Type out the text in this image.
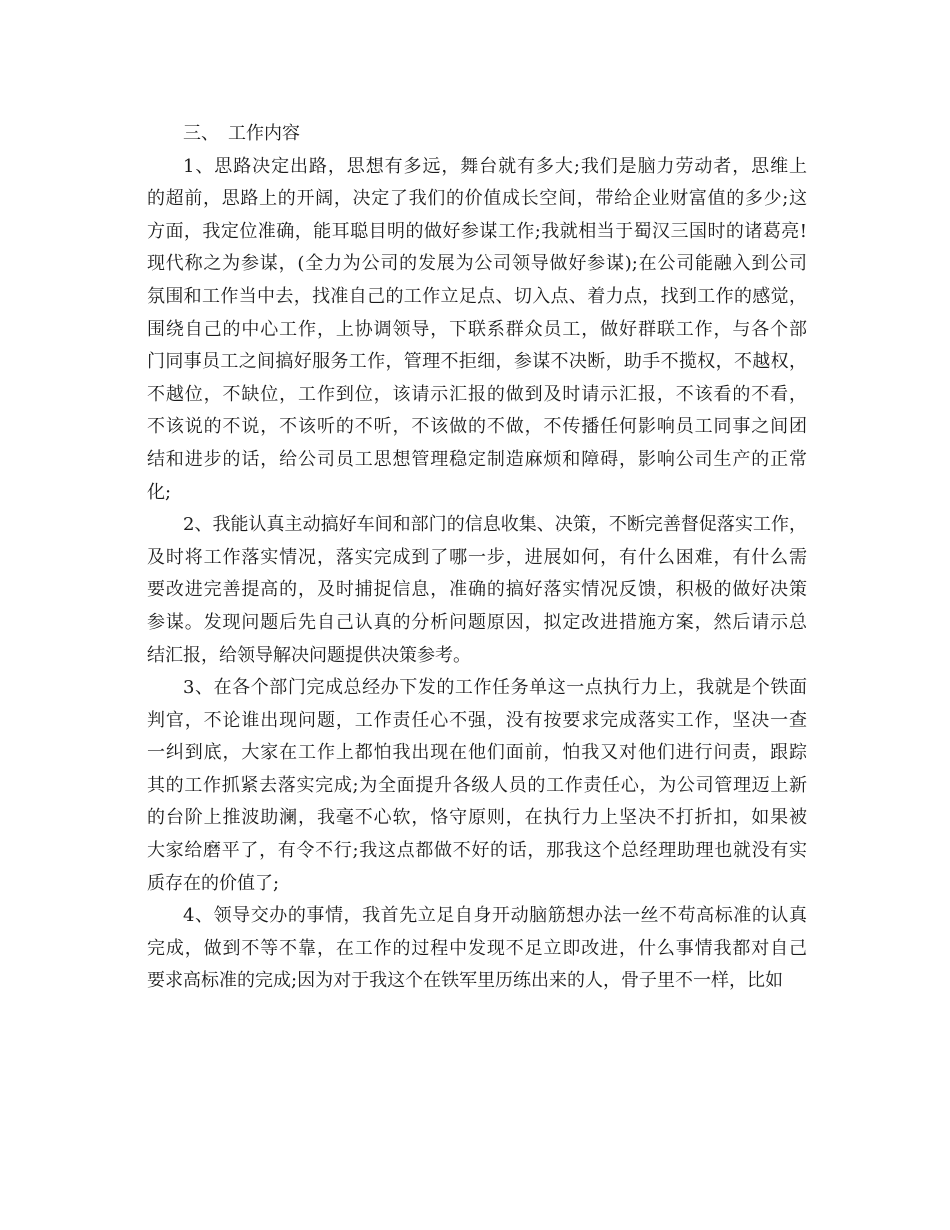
三、 工作内容
1、思路决定出路，思想有多远，舞台就有多大;我们是脑力劳动者，思维上
的超前，思路上的开阔，决定了我们的价值成长空间，带给企业财富值的多少;这
方面，我定位准确，能耳聪目明的做好参谋工作;我就相当于蜀汉三国时的诸葛亮!
现代称之为参谋，(全力为公司的发展为公司领导做好参谋);在公司能融入到公司
氛围和工作当中去，找准自己的工作立足点、切入点、着力点，找到工作的感觉，
围绕自己的中心工作，上协调领导，下联系群众员工，做好群联工作，与各个部
门同事员工之间搞好服务工作，管理不拒细，参谋不决断，助手不揽权，不越权，
不越位，不缺位，工作到位，该请示汇报的做到及时请示汇报，不该看的不看，
不该说的不说，不该听的不听，不该做的不做，不传播任何影响员工同事之间团
结和进步的话，给公司员工思想管理稳定制造麻烦和障碍，影响公司生产的正常
化;
2、我能认真主动搞好车间和部门的信息收集、决策，不断完善督促落实工作，
及时将工作落实情况，落实完成到了哪一步，进展如何，有什么困难，有什么需
要改进完善提高的，及时捕捉信息，准确的搞好落实情况反馈，积极的做好决策
参谋。发现问题后先自己认真的分析问题原因，拟定改进措施方案，然后请示总
结汇报，给领导解决问题提供决策参考。
3、在各个部门完成总经办下发的工作任务单这一点执行力上，我就是个铁面
判官，不论谁出现问题，工作责任心不强，没有按要求完成落实工作，坚决一查
一纠到底，大家在工作上都怕我出现在他们面前，怕我又对他们进行问责，跟踪
其的工作抓紧去落实完成;为全面提升各级人员的工作责任心，为公司管理迈上新
的台阶上推波助澜，我毫不心软，恪守原则，在执行力上坚决不打折扣，如果被
大家给磨平了，有令不行;我这点都做不好的话，那我这个总经理助理也就没有实
质存在的价值了;
4、领导交办的事情，我首先立足自身开动脑筋想办法一丝不苟高标准的认真
完成，做到不等不靠，在工作的过程中发现不足立即改进，什么事情我都对自己
要求高标准的完成;因为对于我这个在铁军里历练出来的人，骨子里不一样，比如
